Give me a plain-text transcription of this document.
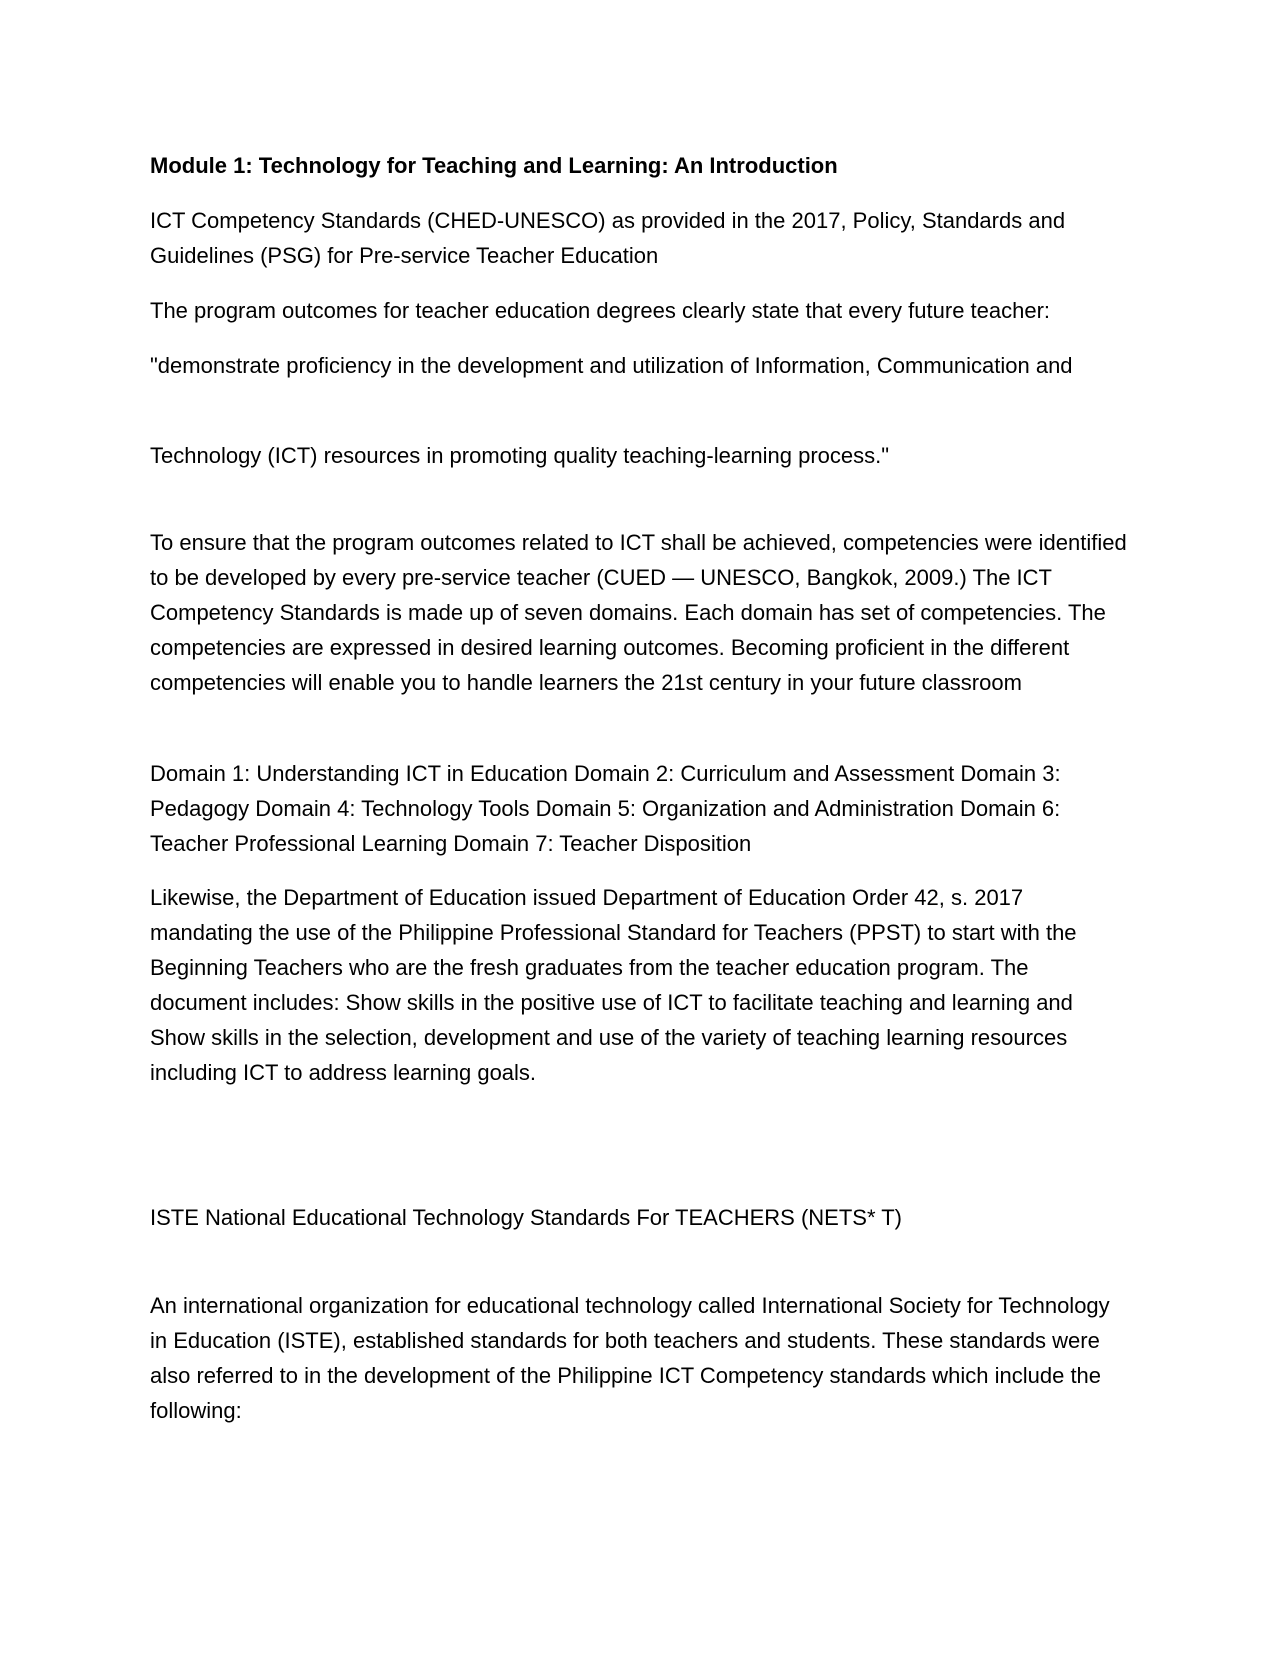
Module 1: Technology for Teaching and Learning: An Introduction

ICT Competency Standards (CHED-UNESCO) as provided in the 2017, Policy, Standards and Guidelines (PSG) for Pre-service Teacher Education

The program outcomes for teacher education degrees clearly state that every future teacher:

"demonstrate proficiency in the development and utilization of Information, Communication and

Technology (ICT) resources in promoting quality teaching-learning process."

To ensure that the program outcomes related to ICT shall be achieved, competencies were identified to be developed by every pre-service teacher (CUED — UNESCO, Bangkok, 2009.) The ICT Competency Standards is made up of seven domains. Each domain has set of competencies. The competencies are expressed in desired learning outcomes. Becoming proficient in the different competencies will enable you to handle learners the 21st century in your future classroom

Domain 1: Understanding ICT in Education Domain 2: Curriculum and Assessment Domain 3: Pedagogy Domain 4: Technology Tools Domain 5: Organization and Administration Domain 6: Teacher Professional Learning Domain 7: Teacher Disposition

Likewise, the Department of Education issued Department of Education Order 42, s. 2017 mandating the use of the Philippine Professional Standard for Teachers (PPST) to start with the Beginning Teachers who are the fresh graduates from the teacher education program. The document includes: Show skills in the positive use of ICT to facilitate teaching and learning and Show skills in the selection, development and use of the variety of teaching learning resources including ICT to address learning goals.

ISTE National Educational Technology Standards For TEACHERS (NETS* T)

An international organization for educational technology called International Society for Technology in Education (ISTE), established standards for both teachers and students. These standards were also referred to in the development of the Philippine ICT Competency standards which include the following:
